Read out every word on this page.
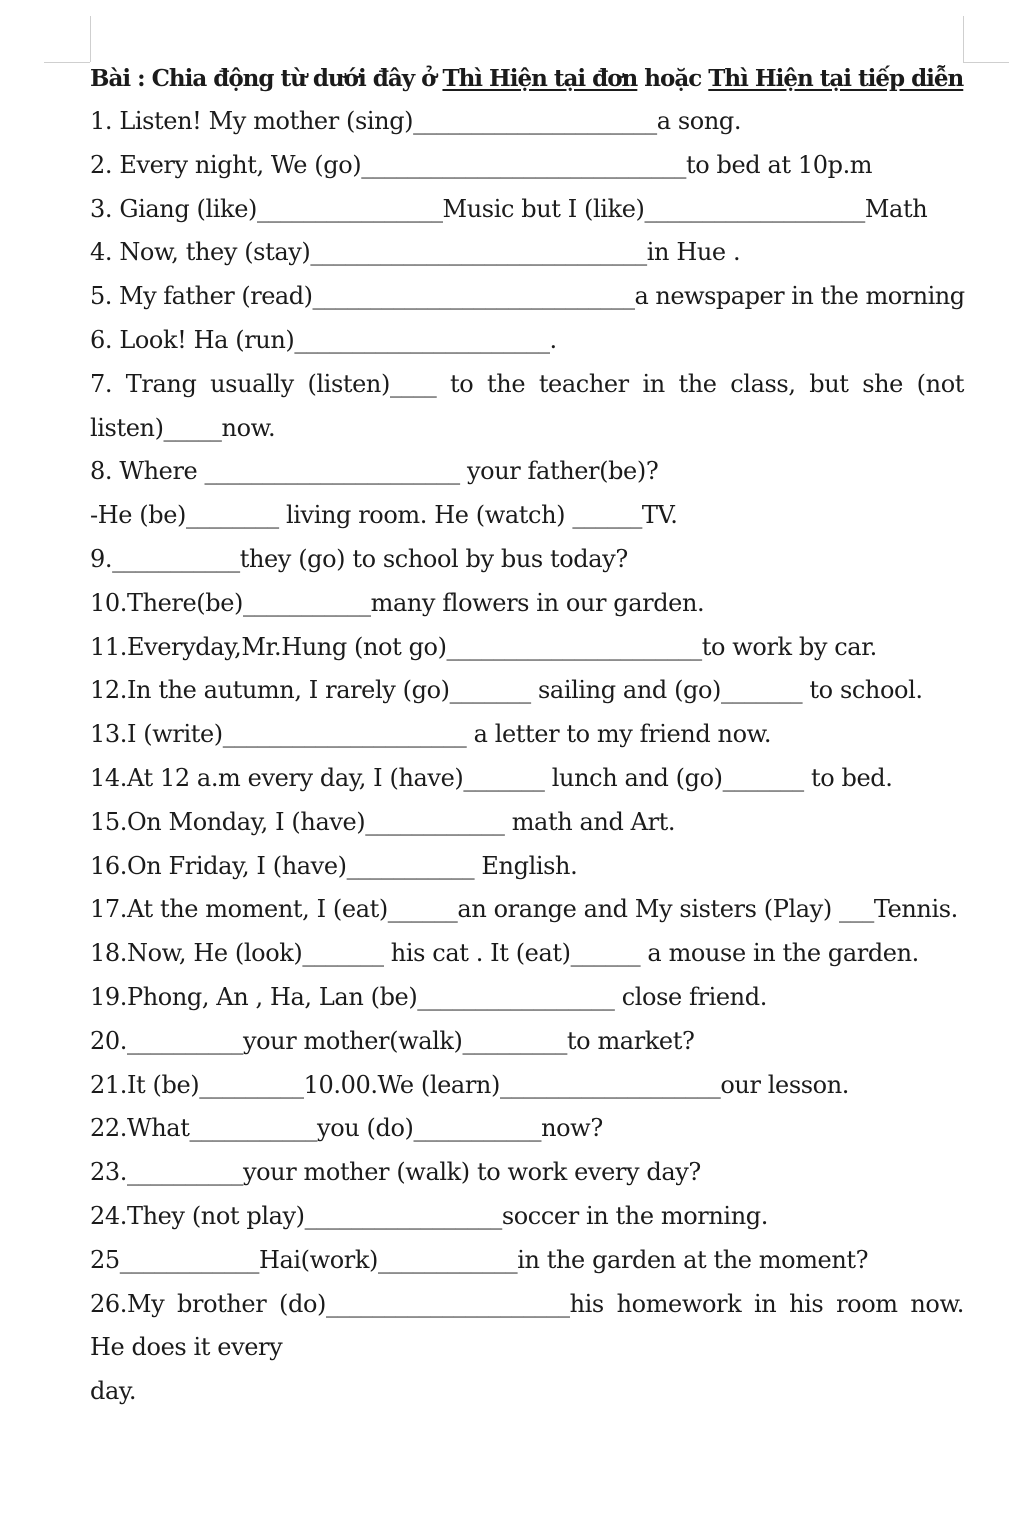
Bài : Chia động từ dưới đây ở Thì Hiện tại đơn hoặc Thì Hiện tại tiếp diễn
1. Listen! My mother (sing)_____________________a song.
2. Every night, We (go)____________________________to bed at 10p.m
3. Giang (like)________________Music but I (like)___________________Math
4. Now, they (stay)_____________________________in Hue .
5. My father (read)____________________________a newspaper in the morning
6. Look! Ha (run)______________________.
7. Trang usually (listen)____ to the teacher in the class, but she (not
listen)_____now.
8. Where ______________________ your father(be)?
-He (be)________ living room. He (watch) ______TV.
9.___________they (go) to school by bus today?
10.There(be)___________many flowers in our garden.
11.Everyday,Mr.Hung (not go)______________________to work by car.
12.In the autumn, I rarely (go)_______ sailing and (go)_______ to school.
13.I (write)_____________________ a letter to my friend now.
14.At 12 a.m every day, I (have)_______ lunch and (go)_______ to bed.
15.On Monday, I (have)____________ math and Art.
16.On Friday, I (have)___________ English.
17.At the moment, I (eat)______an orange and My sisters (Play) ___Tennis.
18.Now, He (look)_______ his cat . It (eat)______ a mouse in the garden.
19.Phong, An , Ha, Lan (be)_________________ close friend.
20.__________your mother(walk)_________to market?
21.It (be)_________10.00.We (learn)___________________our lesson.
22.What___________you (do)___________now?
23.__________your mother (walk) to work every day?
24.They (not play)_________________soccer in the morning.
25____________Hai(work)____________in the garden at the moment?
26.My brother (do)_____________________his homework in his room now.
He does it every
day.
